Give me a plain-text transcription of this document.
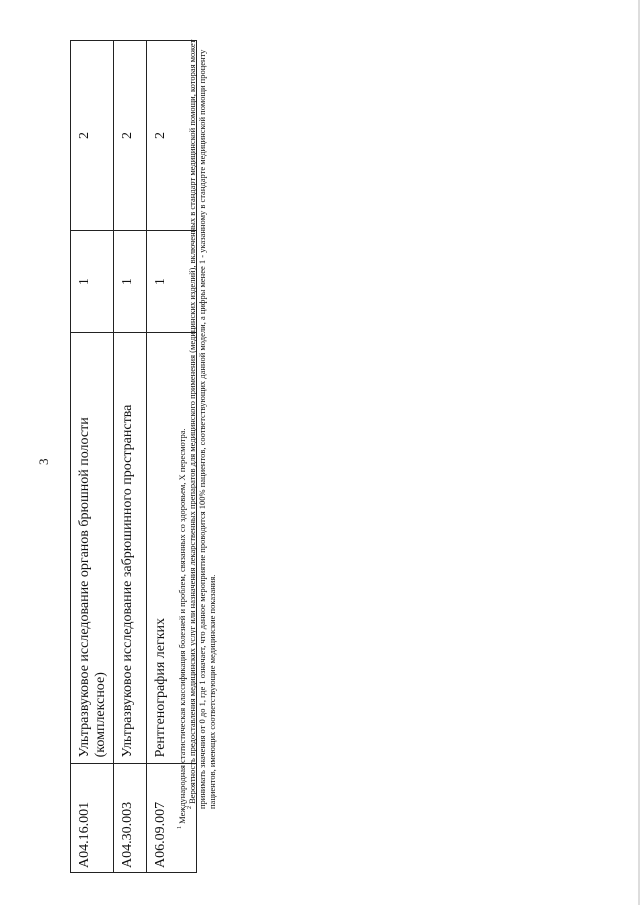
3
A04.16.001	Ультразвуковое исследование органов брюшной полости (комплексное)	1	2
A04.30.003	Ультразвуковое исследование забрюшинного пространства	1	2
A06.09.007	Рентгенография легких	1	2

$^1$ Международная статистическая классификация болезней и проблем, связанных со здоровьем, X пересмотра. $^2$ Вероятность предоставления медицинских услуг или назначения лекарственных препаратов для медицинского применения (медицинских изделий), включенных в стандарт медицинской помощи, которая может принимать значения от 0 до 1, где 1 означает, что данное мероприятие проводится 100% пациентов, соответствующих данной модели, а цифры менее 1 - указанному в стандарте медицинской помощи проценту пациентов, имеющих соответствующие медицинские показания.
